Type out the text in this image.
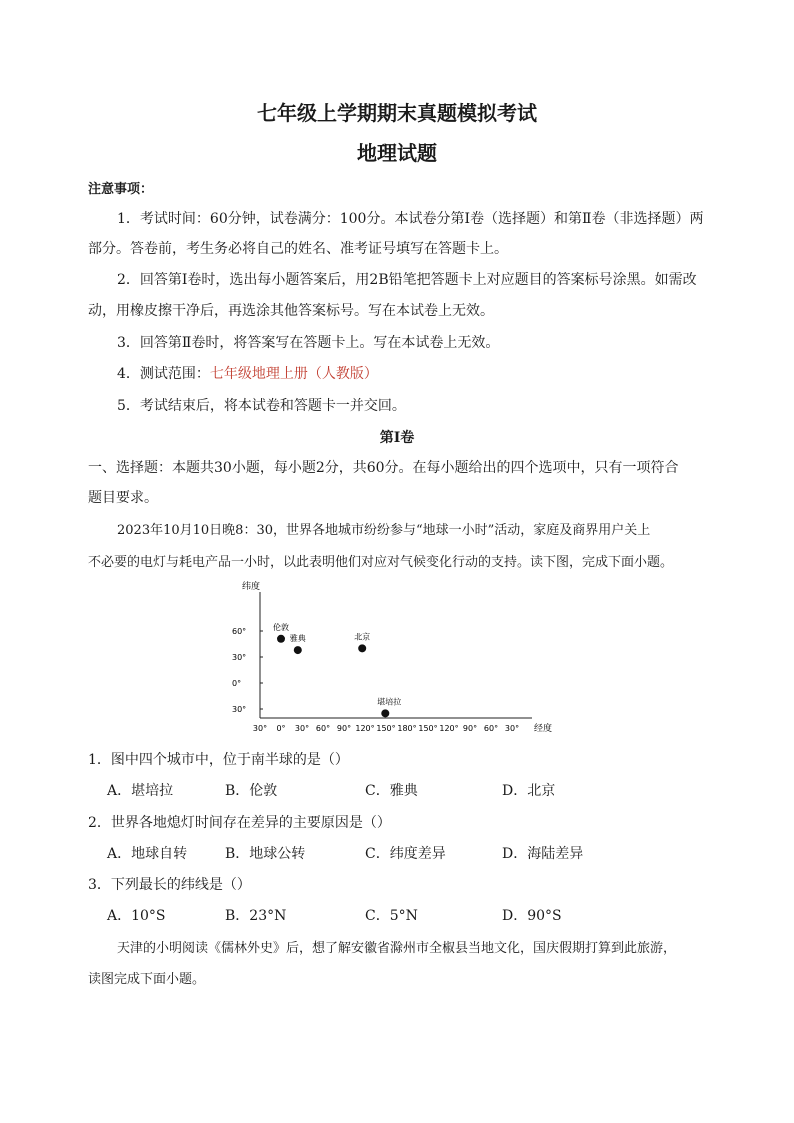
七年级上学期期末真题模拟考试
地理试题
注意事项：
1．考试时间：60分钟，试卷满分：100分。本试卷分第Ⅰ卷（选择题）和第Ⅱ卷（非选择题）两
部分。答卷前，考生务必将自己的姓名、准考证号填写在答题卡上。
2．回答第Ⅰ卷时，选出每小题答案后，用2B铅笔把答题卡上对应题目的答案标号涂黑。如需改
动，用橡皮擦干净后，再选涂其他答案标号。写在本试卷上无效。
3．回答第Ⅱ卷时，将答案写在答题卡上。写在本试卷上无效。
4．测试范围：七年级地理上册（人教版）
5．考试结束后，将本试卷和答题卡一并交回。
第Ⅰ卷
一、选择题：本题共30小题，每小题2分，共60分。在每小题给出的四个选项中，只有一项符合
题目要求。
2023年10月10日晚8：30，世界各地城市纷纷参与“地球一小时”活动，家庭及商界用户关上
不必要的电灯与耗电产品一小时，以此表明他们对应对气候变化行动的支持。读下图，完成下面小题。
纬度
经度
60°
30°
0°
30°
30° 0° 30° 60° 90° 120° 150° 180° 150° 120° 90° 60° 30°
伦敦
雅典	北京
堪培拉
1．图中四个城市中，位于南半球的是（）
A．堪培拉	B．伦敦	C．雅典	D．北京
2．世界各地熄灯时间存在差异的主要原因是（）
A．地球自转	B．地球公转	C．纬度差异	D．海陆差异
3．下列最长的纬线是（）
A．10°S	B．23°N	C．5°N	D．90°S
天津的小明阅读《儒林外史》后，想了解安徽省滁州市全椒县当地文化，国庆假期打算到此旅游，
读图完成下面小题。
